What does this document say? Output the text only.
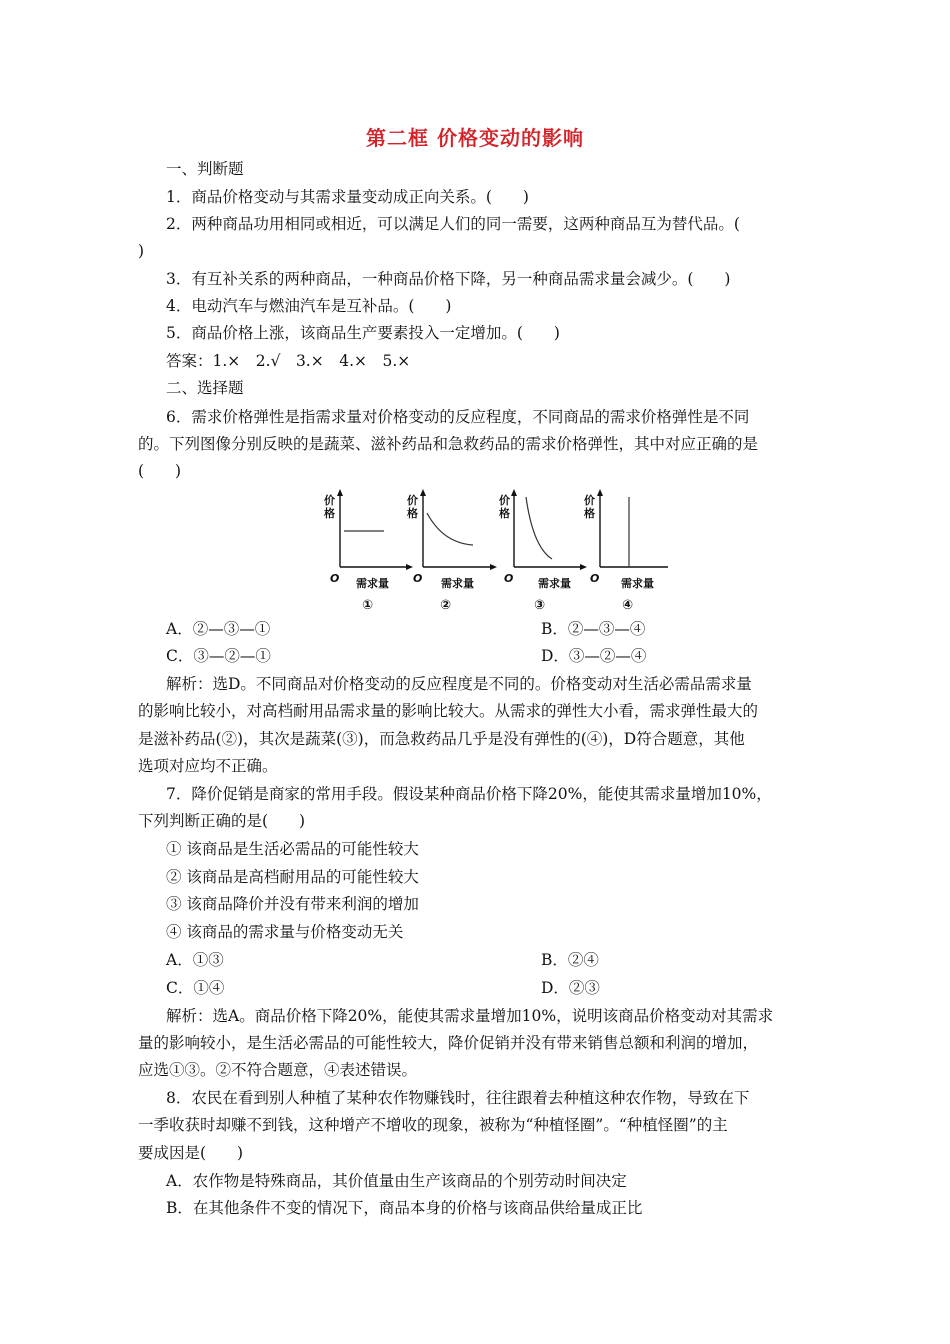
第二框 价格变动的影响
一、判断题
1．商品价格变动与其需求量变动成正向关系。(　　)
2．两种商品功用相同或相近，可以满足人们的同一需要，这两种商品互为替代品。(
)
3．有互补关系的两种商品，一种商品价格下降，另一种商品需求量会减少。(　　)
4．电动汽车与燃油汽车是互补品。(　　)
5．商品价格上涨，该商品生产要素投入一定增加。(　　)
答案：1.×　2.√　3.×　4.×　5.×
二、选择题
6．需求价格弹性是指需求量对价格变动的反应程度，不同商品的需求价格弹性是不同
的。下列图像分别反映的是蔬菜、滋补药品和急救药品的需求价格弹性，其中对应正确的是
(　　)
价
格
价
格
价
格
价
格
O	O	O	O
需求量	需求量	需求量	需求量
①	②	③	④
A．②—③—①	B．②—③—④
C．③—②—①	D．③—②—④
解析：选D。不同商品对价格变动的反应程度是不同的。价格变动对生活必需品需求量
的影响比较小，对高档耐用品需求量的影响比较大。从需求的弹性大小看，需求弹性最大的
是滋补药品(②)，其次是蔬菜(③)，而急救药品几乎是没有弹性的(④)，D符合题意，其他
选项对应均不正确。
7．降价促销是商家的常用手段。假设某种商品价格下降20%，能使其需求量增加10%，
下列判断正确的是(　　)
① 该商品是生活必需品的可能性较大
② 该商品是高档耐用品的可能性较大
③ 该商品降价并没有带来利润的增加
④ 该商品的需求量与价格变动无关
A．①③	B．②④
C．①④	D．②③
解析：选A。商品价格下降20%，能使其需求量增加10%，说明该商品价格变动对其需求
量的影响较小，是生活必需品的可能性较大，降价促销并没有带来销售总额和利润的增加，
应选①③。②不符合题意，④表述错误。
8．农民在看到别人种植了某种农作物赚钱时，往往跟着去种植这种农作物，导致在下
一季收获时却赚不到钱，这种增产不增收的现象，被称为“种植怪圈”。“种植怪圈”的主
要成因是(　　)
A．农作物是特殊商品，其价值量由生产该商品的个别劳动时间决定
B．在其他条件不变的情况下，商品本身的价格与该商品供给量成正比
